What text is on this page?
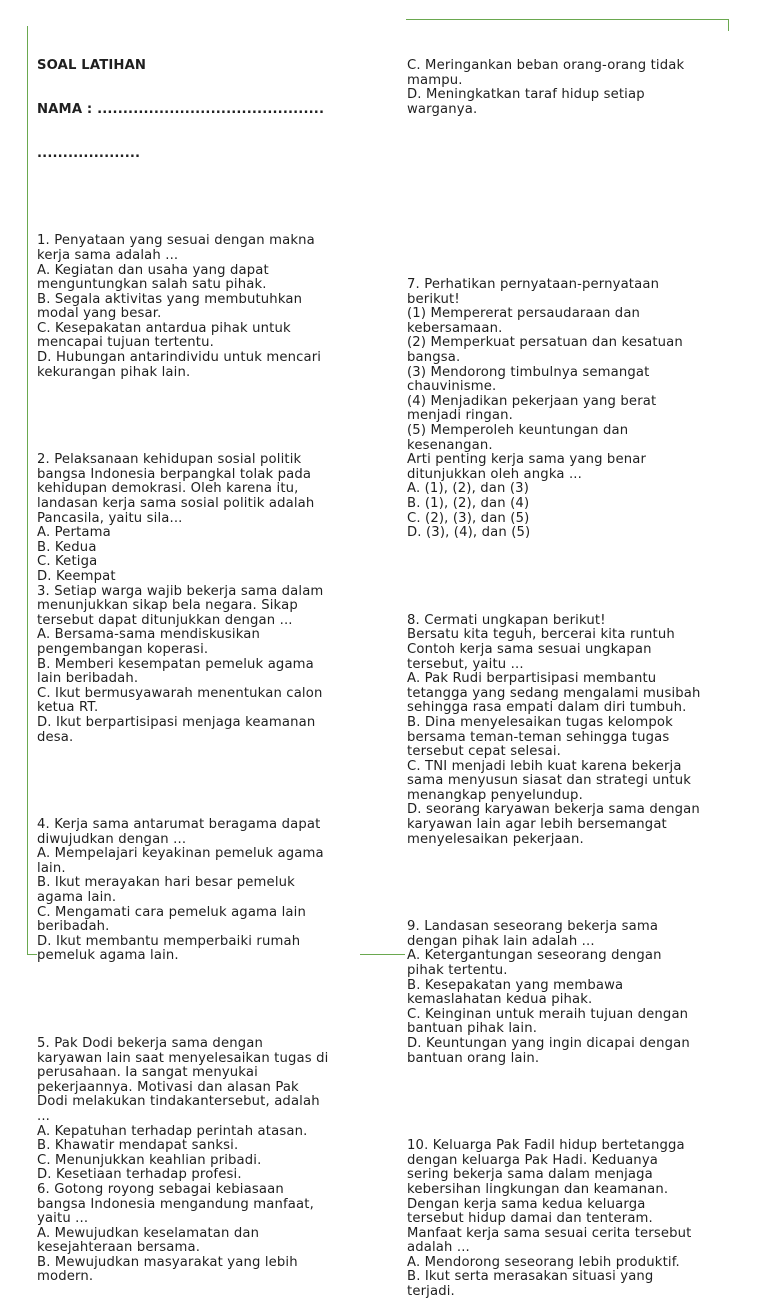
SOAL LATIHAN

NAMA : ............................................

....................

1. Penyataan yang sesuai dengan makna
kerja sama adalah ...
A. Kegiatan dan usaha yang dapat
menguntungkan salah satu pihak.
B. Segala aktivitas yang membutuhkan
modal yang besar.
C. Kesepakatan antardua pihak untuk
mencapai tujuan tertentu.
D. Hubungan antarindividu untuk mencari
kekurangan pihak lain.

2. Pelaksanaan kehidupan sosial politik
bangsa Indonesia berpangkal tolak pada
kehidupan demokrasi. Oleh karena itu,
landasan kerja sama sosial politik adalah
Pancasila, yaitu sila...
A. Pertama
B. Kedua
C. Ketiga
D. Keempat
3. Setiap warga wajib bekerja sama dalam
menunjukkan sikap bela negara. Sikap
tersebut dapat ditunjukkan dengan ...
A. Bersama-sama mendiskusikan
pengembangan koperasi.
B. Memberi kesempatan pemeluk agama
lain beribadah.
C. Ikut bermusyawarah menentukan calon
ketua RT.
D. Ikut berpartisipasi menjaga keamanan
desa.

4. Kerja sama antarumat beragama dapat
diwujudkan dengan ...
A. Mempelajari keyakinan pemeluk agama
lain.
B. Ikut merayakan hari besar pemeluk
agama lain.
C. Mengamati cara pemeluk agama lain
beribadah.
D. Ikut membantu memperbaiki rumah
pemeluk agama lain.

5. Pak Dodi bekerja sama dengan
karyawan lain saat menyelesaikan tugas di
perusahaan. Ia sangat menyukai
pekerjaannya. Motivasi dan alasan Pak
Dodi melakukan tindakantersebut, adalah
...
A. Kepatuhan terhadap perintah atasan.
B. Khawatir mendapat sanksi.
C. Menunjukkan keahlian pribadi.
D. Kesetiaan terhadap profesi.
6. Gotong royong sebagai kebiasaan
bangsa Indonesia mengandung manfaat,
yaitu ...
A. Mewujudkan keselamatan dan
kesejahteraan bersama.
B. Mewujudkan masyarakat yang lebih
modern.

C. Meringankan beban orang-orang tidak
mampu.
D. Meningkatkan taraf hidup setiap
warganya.

7. Perhatikan pernyataan-pernyataan
berikut!
(1) Mempererat persaudaraan dan
kebersamaan.
(2) Memperkuat persatuan dan kesatuan
bangsa.
(3) Mendorong timbulnya semangat
chauvinisme.
(4) Menjadikan pekerjaan yang berat
menjadi ringan.
(5) Memperoleh keuntungan dan
kesenangan.
Arti penting kerja sama yang benar
ditunjukkan oleh angka ...
A. (1), (2), dan (3)
B. (1), (2), dan (4)
C. (2), (3), dan (5)
D. (3), (4), dan (5)

8. Cermati ungkapan berikut!
Bersatu kita teguh, bercerai kita runtuh
Contoh kerja sama sesuai ungkapan
tersebut, yaitu ...
A. Pak Rudi berpartisipasi membantu
tetangga yang sedang mengalami musibah
sehingga rasa empati dalam diri tumbuh.
B. Dina menyelesaikan tugas kelompok
bersama teman-teman sehingga tugas
tersebut cepat selesai.
C. TNI menjadi lebih kuat karena bekerja
sama menyusun siasat dan strategi untuk
menangkap penyelundup.
D. seorang karyawan bekerja sama dengan
karyawan lain agar lebih bersemangat
menyelesaikan pekerjaan.

9. Landasan seseorang bekerja sama
dengan pihak lain adalah ...
A. Ketergantungan seseorang dengan
pihak tertentu.
B. Kesepakatan yang membawa
kemaslahatan kedua pihak.
C. Keinginan untuk meraih tujuan dengan
bantuan pihak lain.
D. Keuntungan yang ingin dicapai dengan
bantuan orang lain.

10. Keluarga Pak Fadil hidup bertetangga
dengan keluarga Pak Hadi. Keduanya
sering bekerja sama dalam menjaga
kebersihan lingkungan dan keamanan.
Dengan kerja sama kedua keluarga
tersebut hidup damai dan tenteram.
Manfaat kerja sama sesuai cerita tersebut
adalah ...
A. Mendorong seseorang lebih produktif.
B. Ikut serta merasakan situasi yang
terjadi.
